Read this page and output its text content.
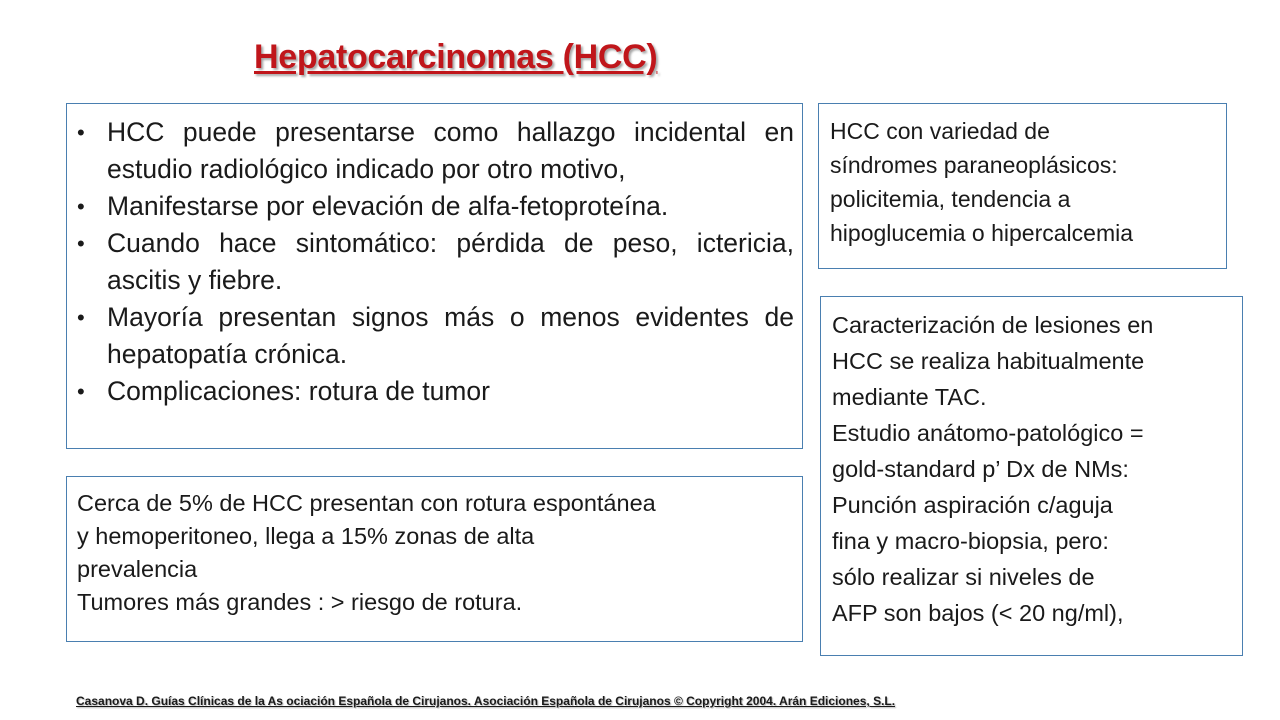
Hepatocarcinomas (HCC)
• HCC puede presentarse como hallazgo incidental en estudio radiológico indicado por otro motivo,
• Manifestarse por elevación de alfa-fetoproteína.
• Cuando hace sintomático: pérdida de peso, ictericia, ascitis y fiebre.
• Mayoría presentan signos más o menos evidentes de hepatopatía crónica.
• Complicaciones: rotura de tumor
Cerca de 5% de HCC presentan con rotura espontánea
y hemoperitoneo, llega a 15% zonas de alta
prevalencia
Tumores más grandes : > riesgo de rotura.
HCC con variedad de
síndromes paraneoplásicos:
policitemia, tendencia a
hipoglucemia o hipercalcemia
Caracterización de lesiones en
HCC se realiza habitualmente
mediante TAC.
Estudio anátomo-patológico =
gold-standard p’ Dx de NMs:
Punción aspiración c/aguja
fina y macro-biopsia, pero:
sólo realizar si niveles de
AFP son bajos (< 20 ng/ml),
Casanova D. Guías Clínicas de la As ociación Española de Cirujanos. Asociación Española de Cirujanos © Copyright 2004. Arán Ediciones, S.L.
